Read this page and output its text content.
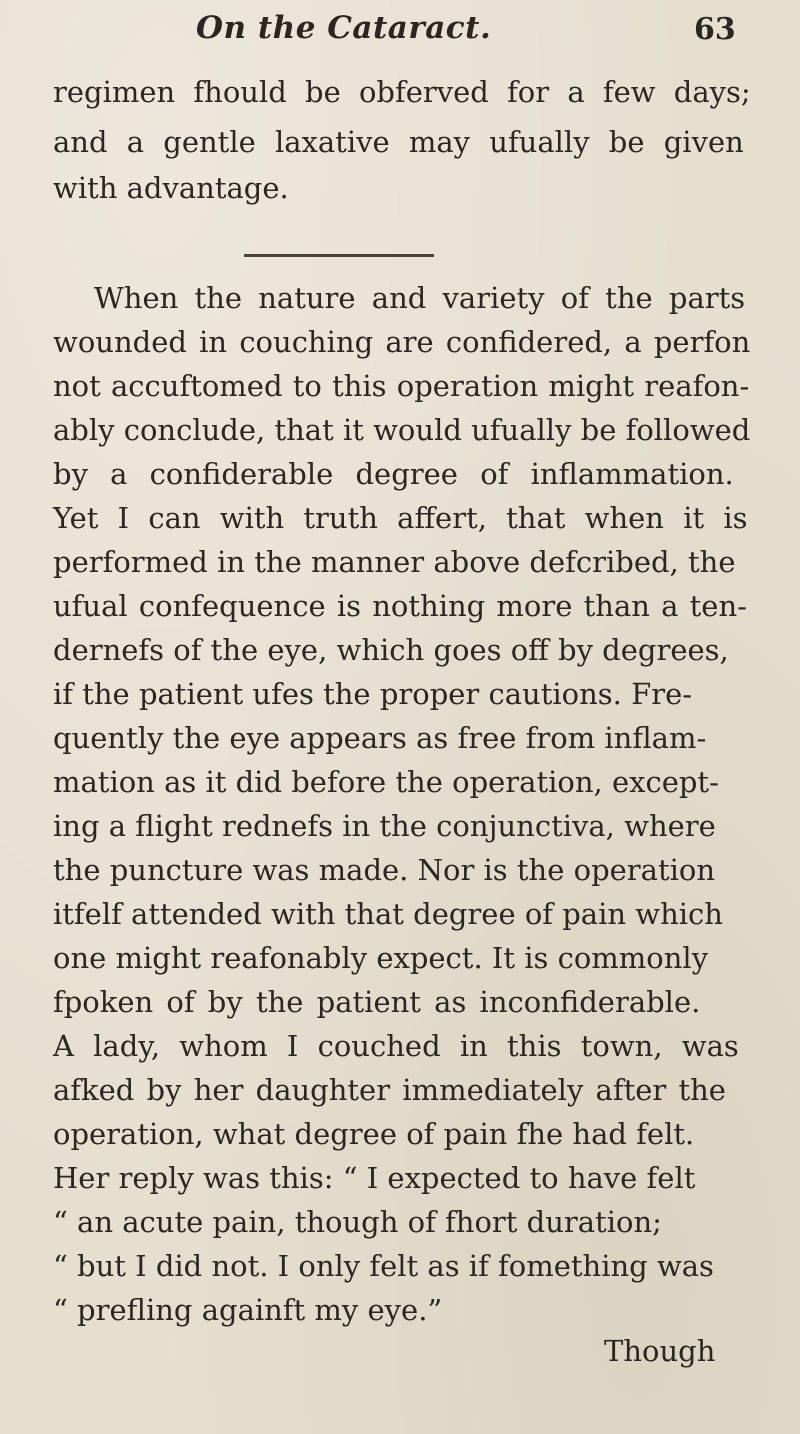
On the Cataract.	63
regimen fhould be obferved for a few days;
and a gentle laxative may ufually be given
with advantage.
When the nature and variety of the parts
wounded in couching are confidered, a perfon
not accuftomed to this operation might reafon-
ably conclude, that it would ufually be followed
by a confiderable degree of inflammation.
Yet I can with truth affert, that when it is
performed in the manner above defcribed, the
ufual confequence is nothing more than a ten-
dernefs of the eye, which goes off by degrees,
if the patient ufes the proper cautions. Fre-
quently the eye appears as free from inflam-
mation as it did before the operation, except-
ing a flight rednefs in the conjunctiva, where
the puncture was made. Nor is the operation
itfelf attended with that degree of pain which
one might reafonably expect. It is commonly
fpoken of by the patient as inconfiderable.
A lady, whom I couched in this town, was
afked by her daughter immediately after the
operation, what degree of pain fhe had felt.
Her reply was this: “ I expected to have felt
“ an acute pain, though of fhort duration;
“ but I did not. I only felt as if fomething was
“ prefling againft my eye.”
Though
